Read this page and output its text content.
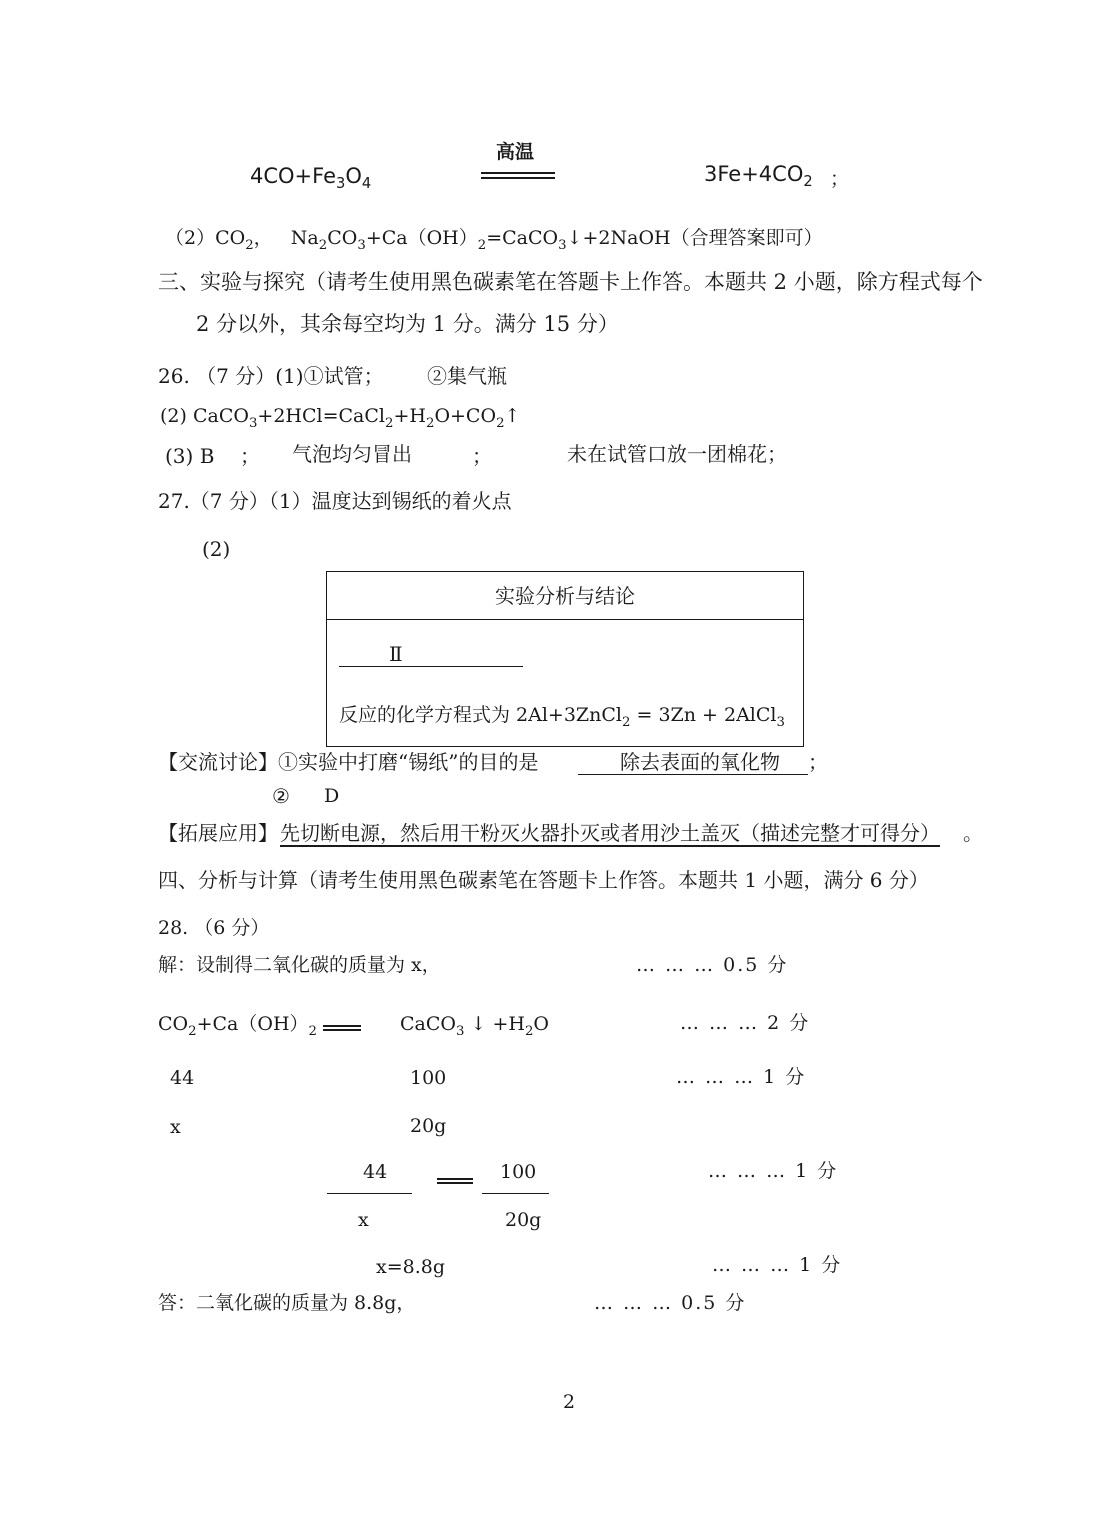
高温
$4CO+Fe_3O_4$	$3Fe+4CO_2$ ；
$(2)CO_2$，   $Na_2CO_3+Ca(OH)_2=CaCO_3↓+2NaOH$（合理答案即可）
三、实验与探究（请考生使用黑色碳素笔在答题卡上作答。本题共 2 小题，除方程式每个
2 分以外，其余每空均为 1 分。满分 15 分）
26. （7 分）(1)①试管； ②集气瓶
(2) $CaCO_3+2HCl=CaCl_2+H_2O+CO_2↑$
(3) B ； 气泡均匀冒出	；	未在试管口放一团棉花；
27.（7 分）（1）温度达到锡纸的着火点
(2)
实验分析与结论
Ⅱ
反应的化学方程式为 2Al+3ZnCl$_2$ = 3Zn + 2AlCl$_3$
【交流讨论】①实验中打磨“锡纸”的目的是	除去表面的氧化物 ；
② D
【拓展应用】 先切断电源，然后用干粉灭火器扑灭或者用沙土盖灭（描述完整才可得分） 。
四、分析与计算（请考生使用黑色碳素笔在答题卡上作答。本题共 1 小题，满分 6 分）
28. （6 分）
解：设制得二氧化碳的质量为 x，	… … … 0.5 分
$CO_2+Ca(OH)_2$	CaCO$_3$ ↓ $+H_2O$	… … … 2 分
44	100	… … … 1 分
x	20g
44
x
100
20g
… … … 1 分
x=8.8g	… … … 1 分
答：二氧化碳的质量为 8.8g，	… … … 0.5 分
2
